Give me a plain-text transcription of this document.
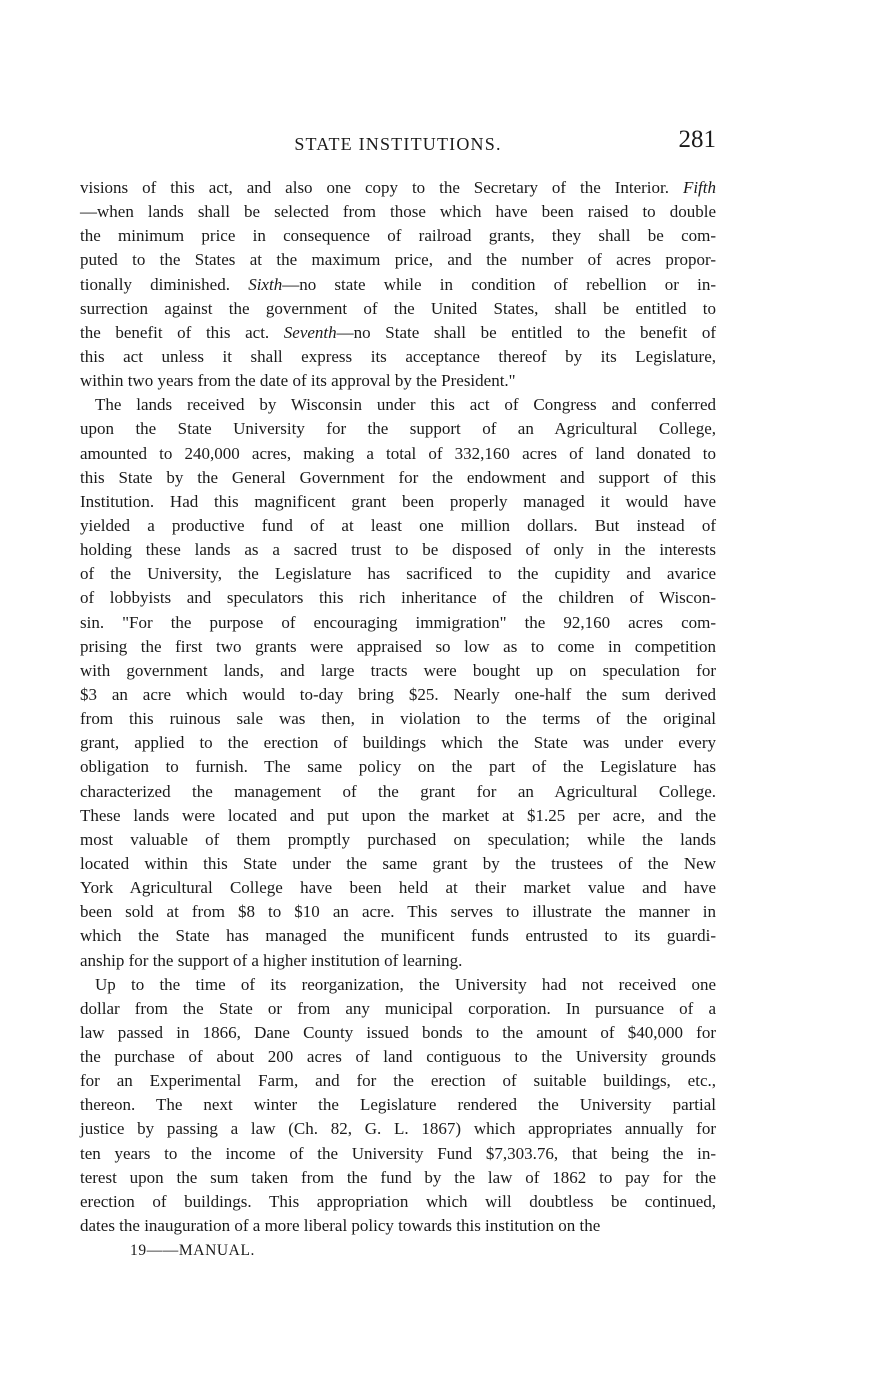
STATE INSTITUTIONS.	281
visions of this act, and also one copy to the Secretary of the Interior. Fifth
—when lands shall be selected from those which have been raised to double
the minimum price in consequence of railroad grants, they shall be com-
puted to the States at the maximum price, and the number of acres propor-
tionally diminished. Sixth—no state while in condition of rebellion or in-
surrection against the government of the United States, shall be entitled to
the benefit of this act. Seventh—no State shall be entitled to the benefit of
this act unless it shall express its acceptance thereof by its Legislature,
within two years from the date of its approval by the President."
The lands received by Wisconsin under this act of Congress and conferred
upon the State University for the support of an Agricultural College,
amounted to 240,000 acres, making a total of 332,160 acres of land donated to
this State by the General Government for the endowment and support of this
Institution. Had this magnificent grant been properly managed it would have
yielded a productive fund of at least one million dollars. But instead of
holding these lands as a sacred trust to be disposed of only in the interests
of the University, the Legislature has sacrificed to the cupidity and avarice
of lobbyists and speculators this rich inheritance of the children of Wiscon-
sin. "For the purpose of encouraging immigration" the 92,160 acres com-
prising the first two grants were appraised so low as to come in competition
with government lands, and large tracts were bought up on speculation for
$3 an acre which would to-day bring $25. Nearly one-half the sum derived
from this ruinous sale was then, in violation to the terms of the original
grant, applied to the erection of buildings which the State was under every
obligation to furnish. The same policy on the part of the Legislature has
characterized the management of the grant for an Agricultural College.
These lands were located and put upon the market at $1.25 per acre, and the
most valuable of them promptly purchased on speculation; while the lands
located within this State under the same grant by the trustees of the New
York Agricultural College have been held at their market value and have
been sold at from $8 to $10 an acre. This serves to illustrate the manner in
which the State has managed the munificent funds entrusted to its guardi-
anship for the support of a higher institution of learning.
Up to the time of its reorganization, the University had not received one
dollar from the State or from any municipal corporation. In pursuance of a
law passed in 1866, Dane County issued bonds to the amount of $40,000 for
the purchase of about 200 acres of land contiguous to the University grounds
for an Experimental Farm, and for the erection of suitable buildings, etc.,
thereon. The next winter the Legislature rendered the University partial
justice by passing a law (Ch. 82, G. L. 1867) which appropriates annually for
ten years to the income of the University Fund $7,303.76, that being the in-
terest upon the sum taken from the fund by the law of 1862 to pay for the
erection of buildings. This appropriation which will doubtless be continued,
dates the inauguration of a more liberal policy towards this institution on the
19——MANUAL.
